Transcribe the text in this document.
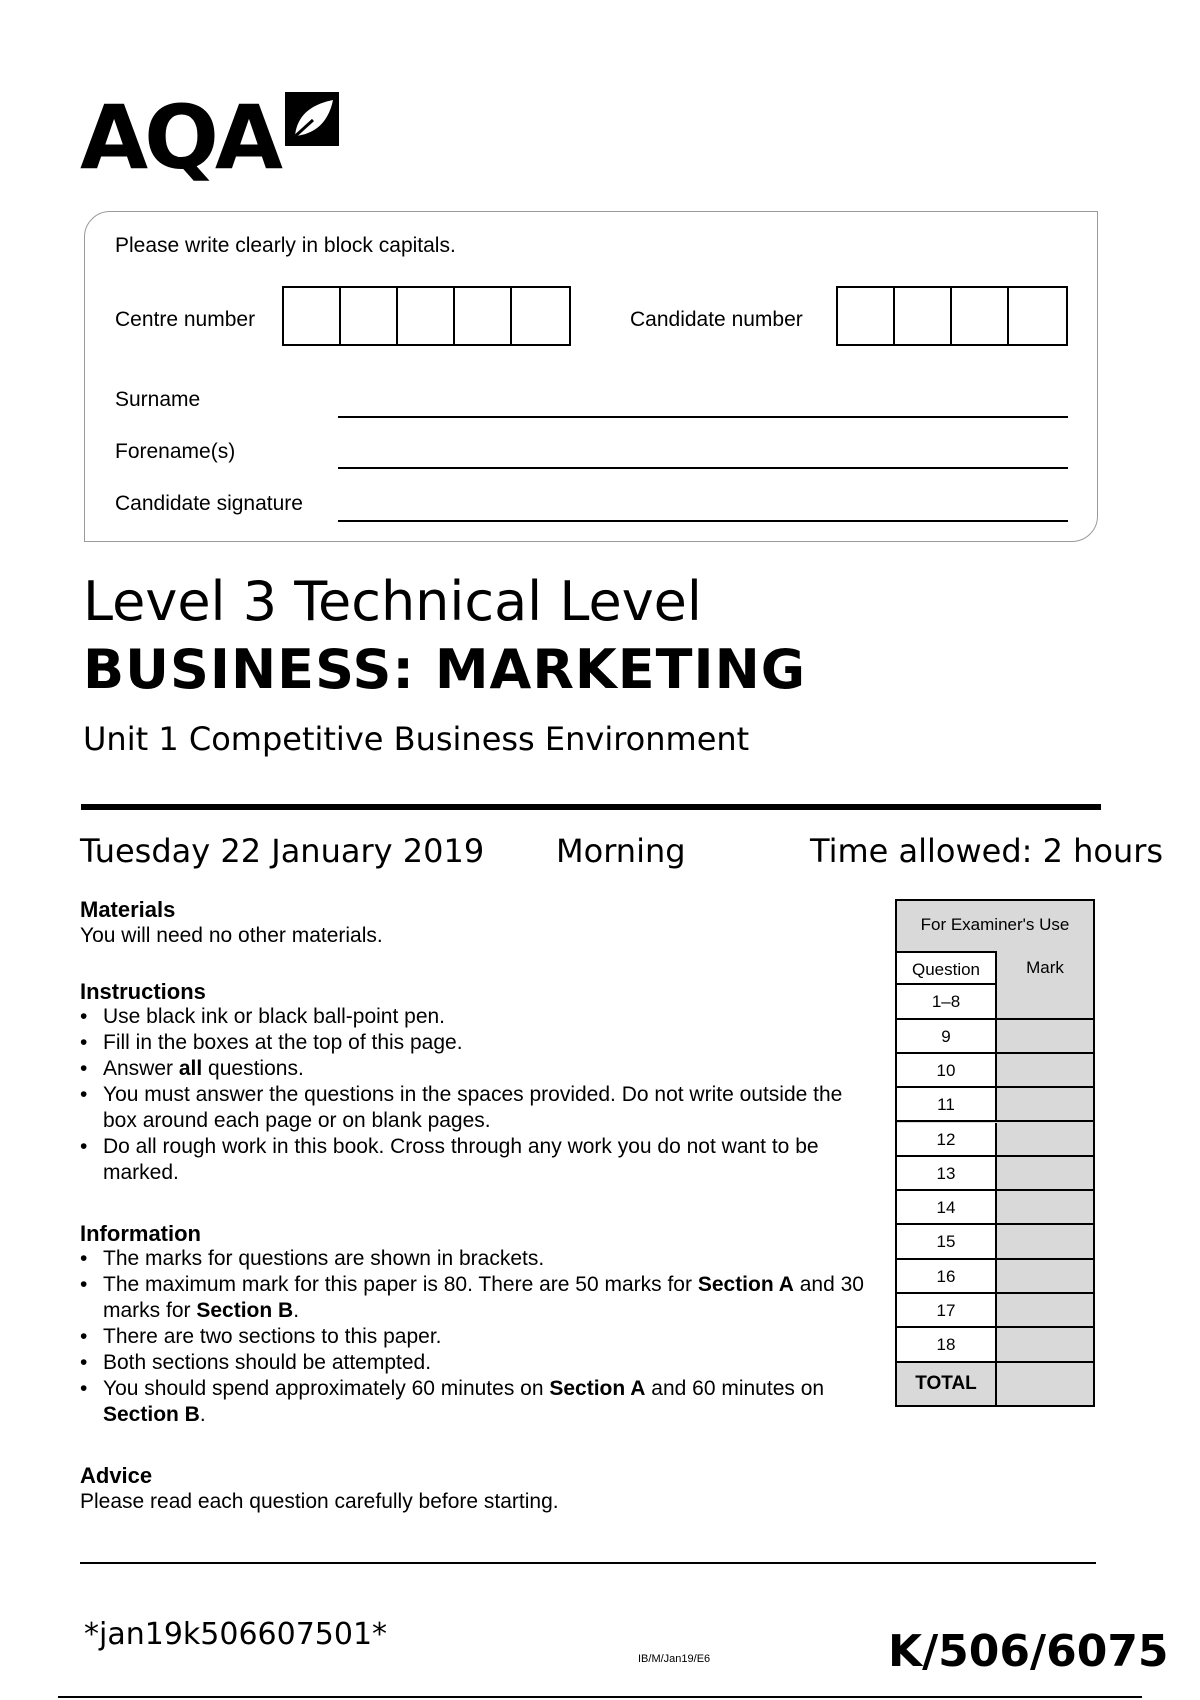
AQA
Please write clearly in block capitals.
Centre number	Candidate number
Surname
Forename(s)
Candidate signature
Level 3 Technical Level
BUSINESS: MARKETING
Unit 1 Competitive Business Environment
Tuesday 22 January 2019 Morning	Time allowed: 2 hours
Materials
You will need no other materials.
Instructions
• Use black ink or black ball-point pen.
• Fill in the boxes at the top of this page.
• Answer all questions.
• You must answer the questions in the spaces provided. Do not write outside the box around each page or on blank pages.
• Do all rough work in this book. Cross through any work you do not want to be marked.
Information
• The marks for questions are shown in brackets.
• The maximum mark for this paper is 80. There are 50 marks for Section A and 30 marks for Section B.
• There are two sections to this paper.
• Both sections should be attempted.
• You should spend approximately 60 minutes on Section A and 60 minutes on Section B.
Advice
Please read each question carefully before starting.
For Examiner's Use
Question	Mark
1–8
9
10
11
12
13
14
15
16
17
18
TOTAL
*jan19k506607501*
IB/M/Jan19/E6	K/506/6075
